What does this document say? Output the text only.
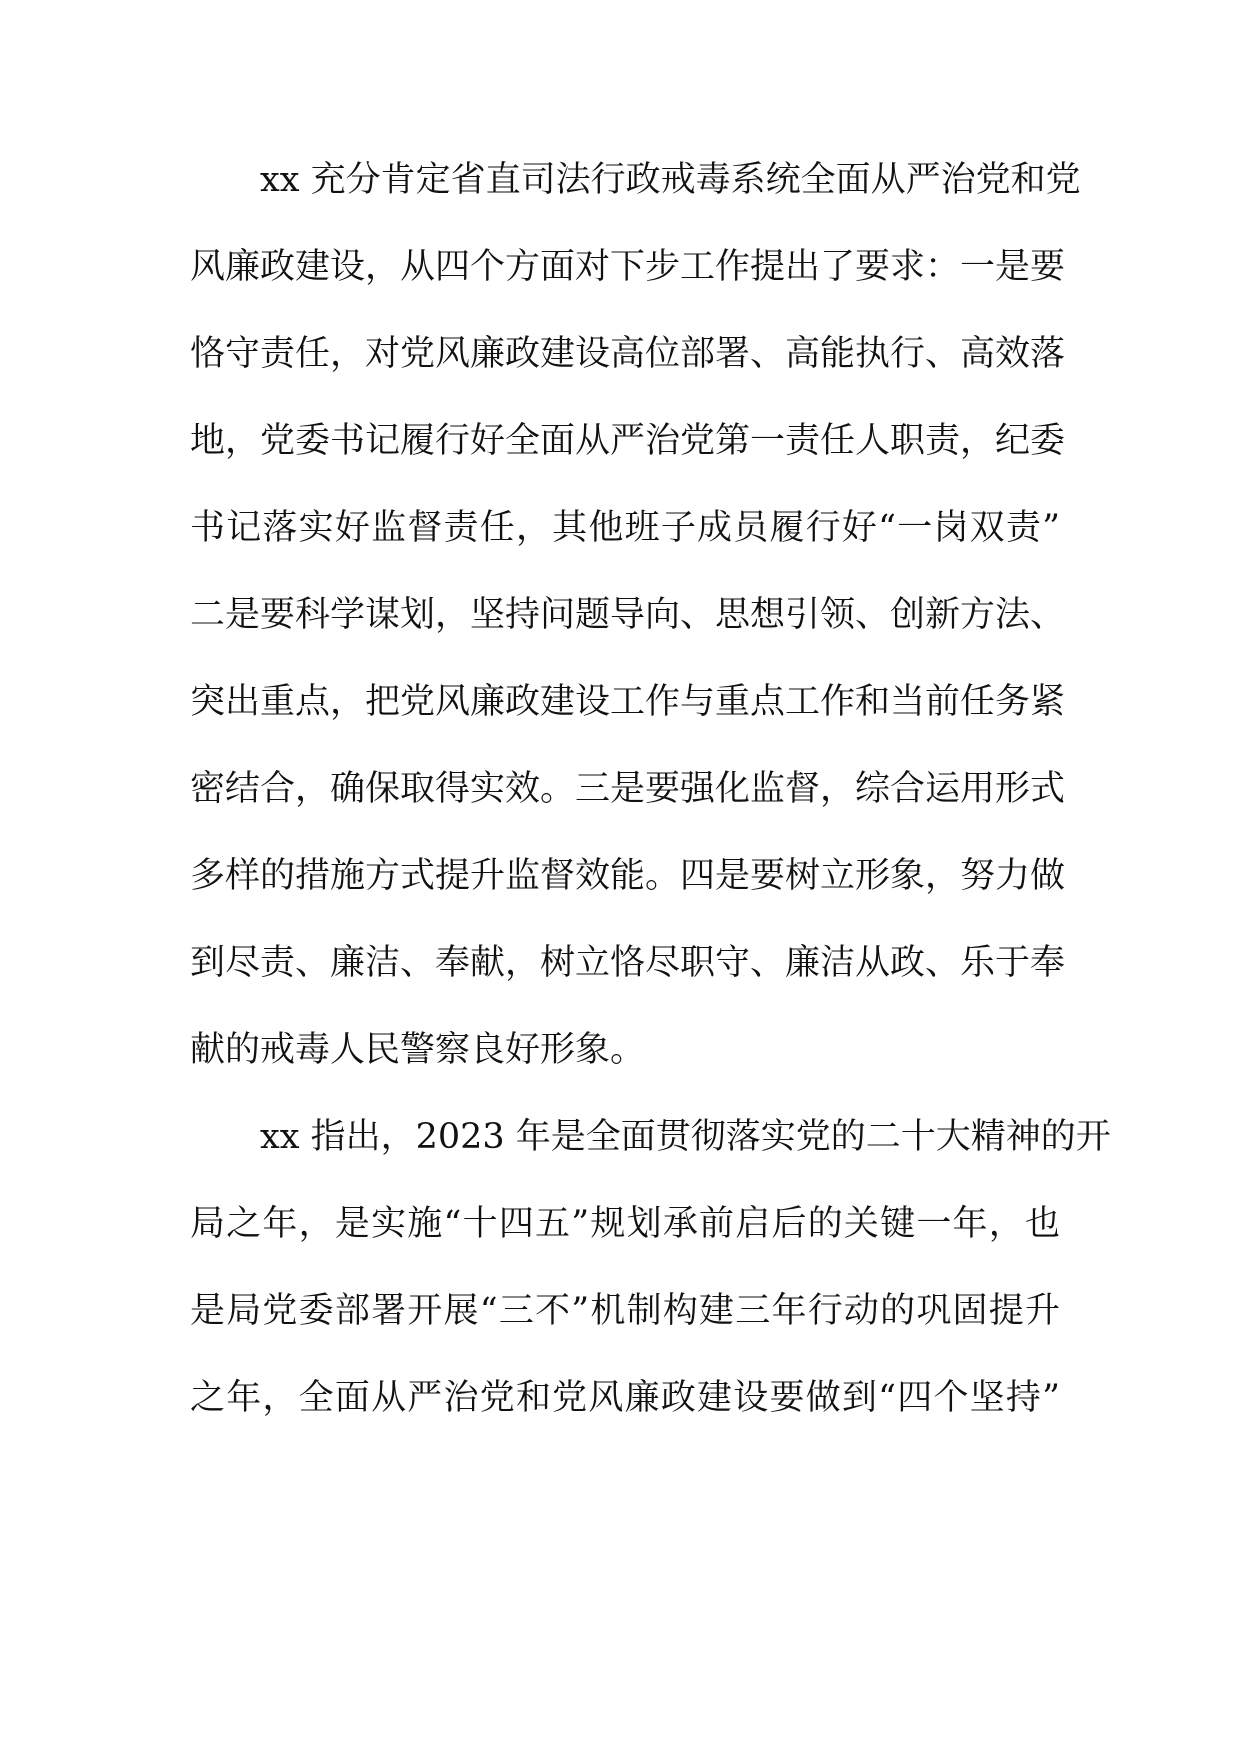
xx 充分肯定省直司法行政戒毒系统全面从严治党和党
风廉政建设，从四个方面对下步工作提出了要求：一是要
恪守责任，对党风廉政建设高位部署、高能执行、高效落
地，党委书记履行好全面从严治党第一责任人职责，纪委
书记落实好监督责任，其他班子成员履行好“一岗双责”
二是要科学谋划，坚持问题导向、思想引领、创新方法、
突出重点，把党风廉政建设工作与重点工作和当前任务紧
密结合，确保取得实效。三是要强化监督，综合运用形式
多样的措施方式提升监督效能。四是要树立形象，努力做
到尽责、廉洁、奉献，树立恪尽职守、廉洁从政、乐于奉
献的戒毒人民警察良好形象。
xx 指出，2023 年是全面贯彻落实党的二十大精神的开
局之年，是实施“十四五”规划承前启后的关键一年，也
是局党委部署开展“三不”机制构建三年行动的巩固提升
之年，全面从严治党和党风廉政建设要做到“四个坚持”
